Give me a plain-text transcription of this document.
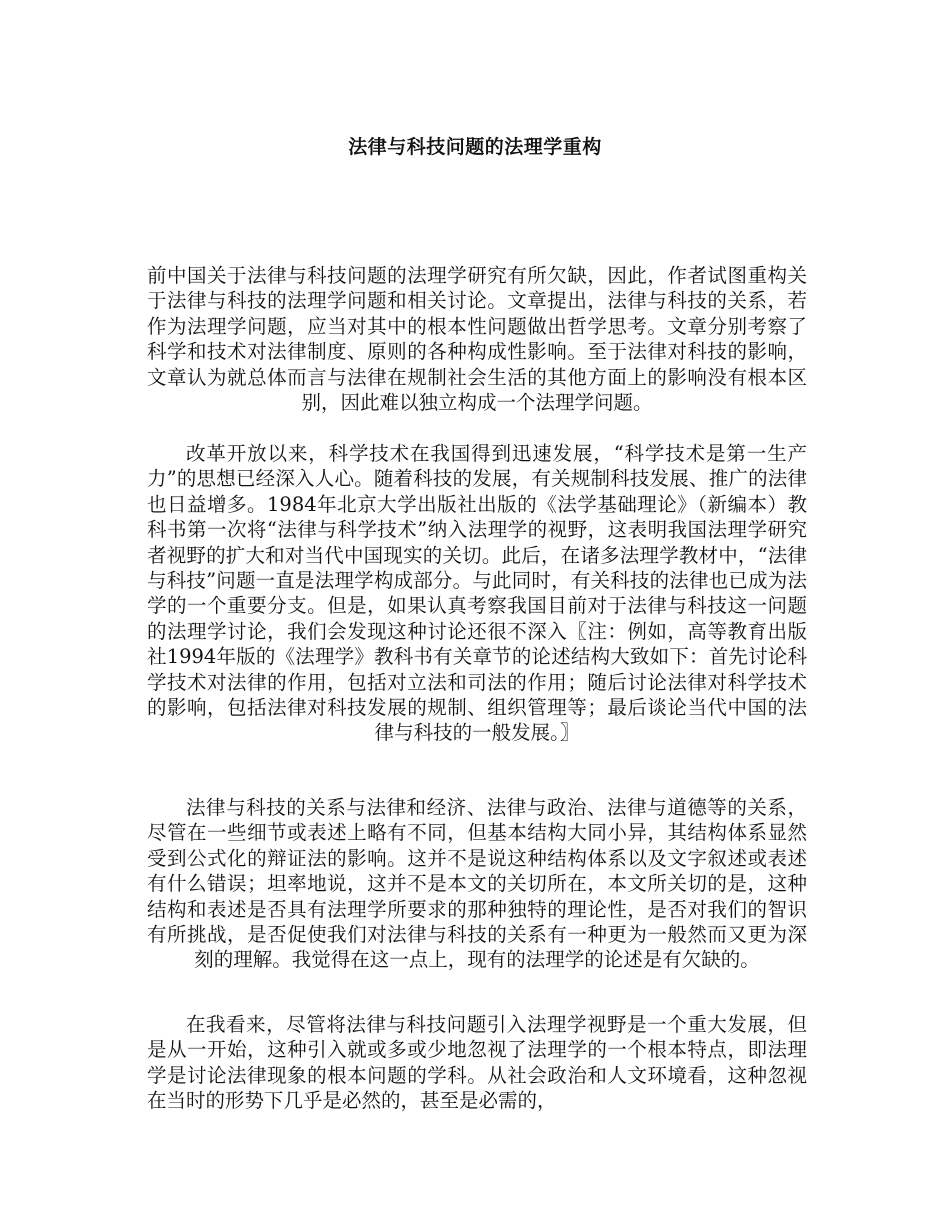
法律与科技问题的法理学重构
前中国关于法律与科技问题的法理学研究有所欠缺，因此，作者试图重构关于法律与科技的法理学问题和相关讨论。文章提出，法律与科技的关系，若作为法理学问题，应当对其中的根本性问题做出哲学思考。文章分别考察了科学和技术对法律制度、原则的各种构成性影响。至于法律对科技的影响，文章认为就总体而言与法律在规制社会生活的其他方面上的影响没有根本区别，因此难以独立构成一个法理学问题。
改革开放以来，科学技术在我国得到迅速发展，“科学技术是第一生产力”的思想已经深入人心。随着科技的发展，有关规制科技发展、推广的法律也日益增多。1984年北京大学出版社出版的《法学基础理论》（新编本）教科书第一次将“法律与科学技术”纳入法理学的视野，这表明我国法理学研究者视野的扩大和对当代中国现实的关切。此后，在诸多法理学教材中，“法律与科技”问题一直是法理学构成部分。与此同时，有关科技的法律也已成为法学的一个重要分支。但是，如果认真考察我国目前对于法律与科技这一问题的法理学讨论，我们会发现这种讨论还很不深入〖注：例如，高等教育出版社1994年版的《法理学》教科书有关章节的论述结构大致如下：首先讨论科学技术对法律的作用，包括对立法和司法的作用；随后讨论法律对科学技术的影响，包括法律对科技发展的规制、组织管理等；最后谈论当代中国的法律与科技的一般发展。〗
法律与科技的关系与法律和经济、法律与政治、法律与道德等的关系，尽管在一些细节或表述上略有不同，但基本结构大同小异，其结构体系显然受到公式化的辩证法的影响。这并不是说这种结构体系以及文字叙述或表述有什么错误；坦率地说，这并不是本文的关切所在，本文所关切的是，这种结构和表述是否具有法理学所要求的那种独特的理论性，是否对我们的智识有所挑战，是否促使我们对法律与科技的关系有一种更为一般然而又更为深刻的理解。我觉得在这一点上，现有的法理学的论述是有欠缺的。
在我看来，尽管将法律与科技问题引入法理学视野是一个重大发展，但是从一开始，这种引入就或多或少地忽视了法理学的一个根本特点，即法理学是讨论法律现象的根本问题的学科。从社会政治和人文环境看，这种忽视在当时的形势下几乎是必然的，甚至是必需的，
